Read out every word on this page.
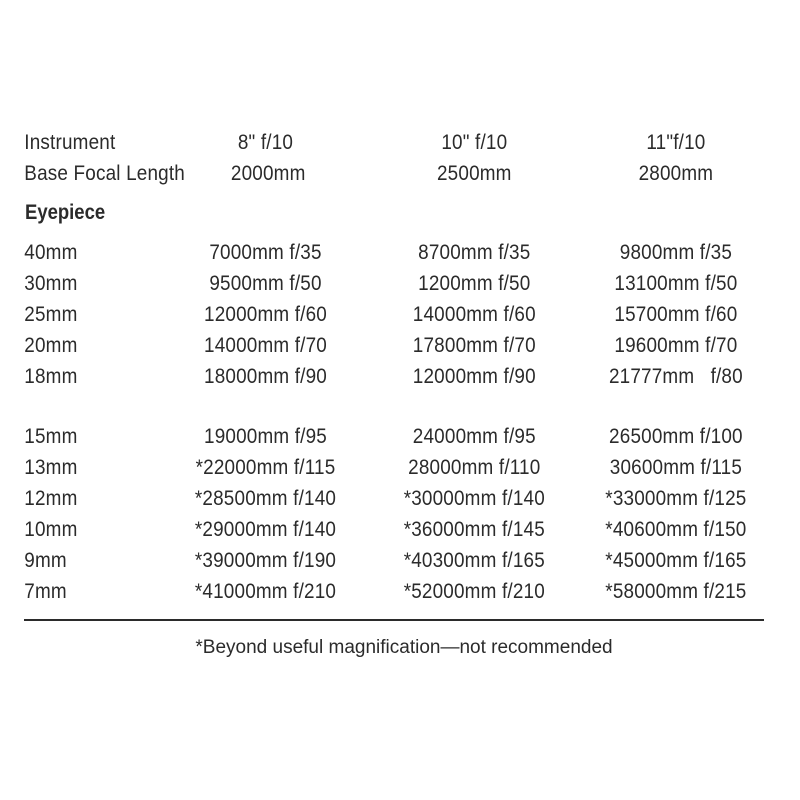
Instrument	8" f/10	10" f/10	11"f/10
Base Focal Length 2000mm	2500mm	2800mm
Eyepiece
40mm	7000mm f/35	8700mm f/35	9800mm f/35
30mm	9500mm f/50	1200mm f/50	13100mm f/50
25mm	12000mm f/60	14000mm f/60	15700mm f/60
20mm	14000mm f/70	17800mm f/70	19600mm f/70
18mm	18000mm f/90	12000mm f/90	21777mm   f/80
15mm	19000mm f/95	24000mm f/95	26500mm f/100
13mm	*22000mm f/115	28000mm f/110	30600mm f/115
12mm	*28500mm f/140	*30000mm f/140	*33000mm f/125
10mm	*29000mm f/140	*36000mm f/145	*40600mm f/150
9mm	*39000mm f/190	*40300mm f/165	*45000mm f/165
7mm	*41000mm f/210	*52000mm f/210	*58000mm f/215
*Beyond useful magnification—not recommended
